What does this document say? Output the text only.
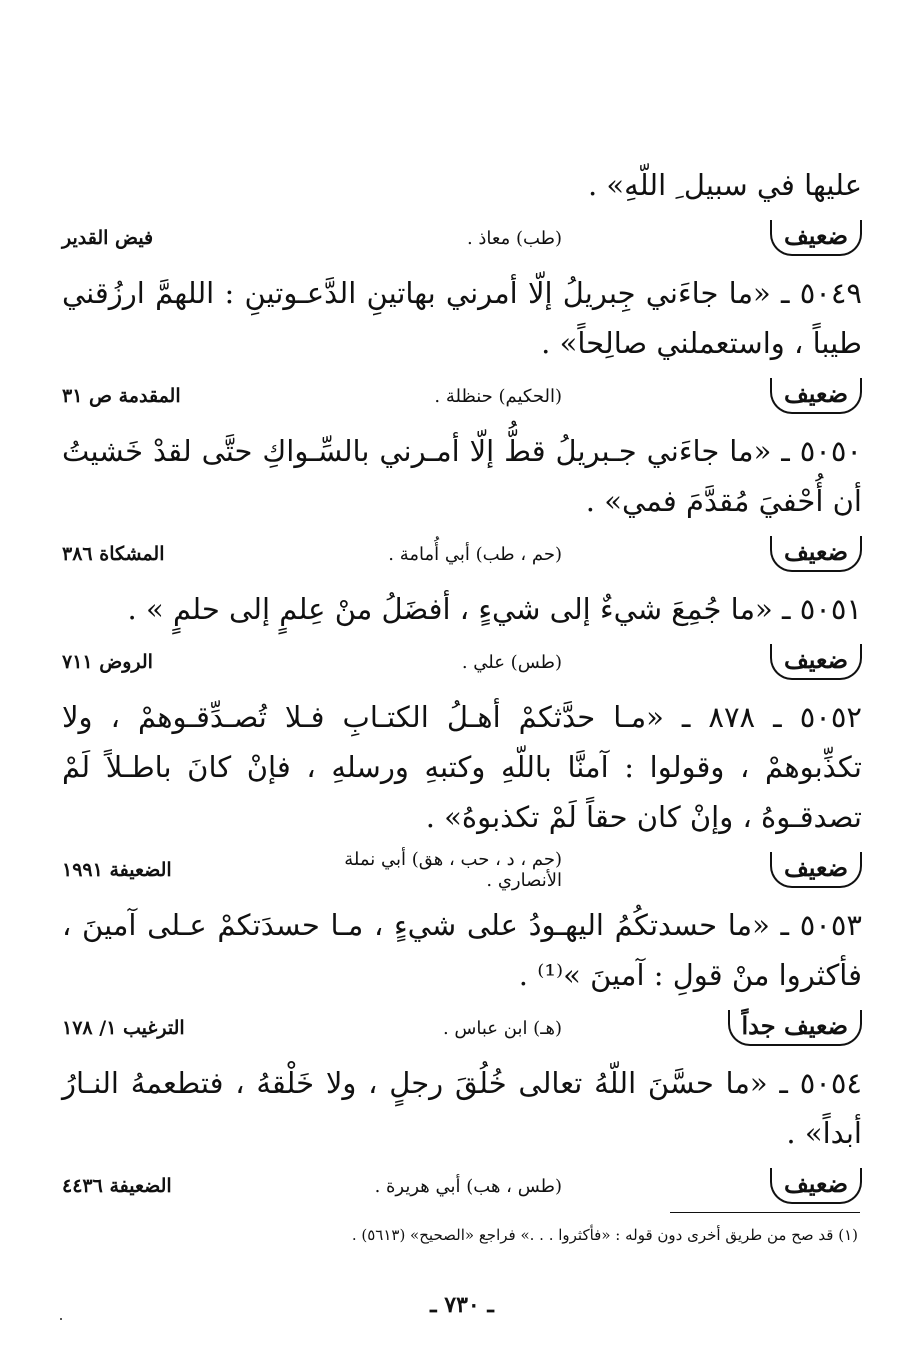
عليها في سبيل ِ اللّهِ» .

ضعيف
(طب) معاذ .
فيض القدير

٥٠٤٩ ـ «ما جاءَني جِبريلُ إلّا أمرني بهاتينِ الدَّعـوتينِ : اللهمَّ ارزُقني طيباً ، واستعملني صالِحاً» .

ضعيف
(الحكيم) حنظلة .
المقدمة ص ٣١

٥٠٥٠ ـ «ما جاءَني جـبريلُ قطُّ إلّا أمـرني بالسِّـواكِ حتَّى لقدْ خَشيتُ أن أُحْفيَ مُقدَّمَ فمي» .

ضعيف
(حم ، طب) أبي أُمامة .
المشكاة ٣٨٦

٥٠٥١ ـ «ما جُمِعَ شيءٌ إلى شيءٍ ، أفضَلُ منْ عِلمٍ إلى حلمٍ » .

ضعيف
(طس) علي .
الروض ٧١١

٥٠٥٢ ـ ٨٧٨ ـ «مـا حدَّثكمْ أهـلُ الكتـابِ فـلا تُصـدِّقـوهمْ ، ولا تكذِّبوهمْ ، وقولوا : آمنَّا باللّهِ وكتبهِ ورسلهِ ، فإنْ كانَ باطـلاً لَمْ تصدقـوهُ ، وإنْ كان حقاً لَمْ تكذبوهُ» .

ضعيف
(حم ، د ، حب ، هق) أبي نملة الأنصاري .
الضعيفة ١٩٩١

٥٠٥٣ ـ «ما حسدتكُمُ اليهـودُ على شيءٍ ، مـا حسدَتكمْ عـلى آمينَ ، فأكثروا منْ قولِ : آمينَ »⁽¹⁾ .

ضعيف جداً
(هـ) ابن عباس .
الترغيب ١/ ١٧٨

٥٠٥٤ ـ «ما حسَّنَ اللّهُ تعالى خُلُقَ رجلٍ ، ولا خَلْقهُ ، فتطعمهُ النـارُ أبداً» .

ضعيف
(طس ، هب) أبي هريرة .
الضعيفة ٤٤٣٦
(١) قد صح من طريق أخرى دون قوله : «فأكثروا . . .» فراجع «الصحيح» (٥٦١٣) .
ـ ٧٣٠ ـ
